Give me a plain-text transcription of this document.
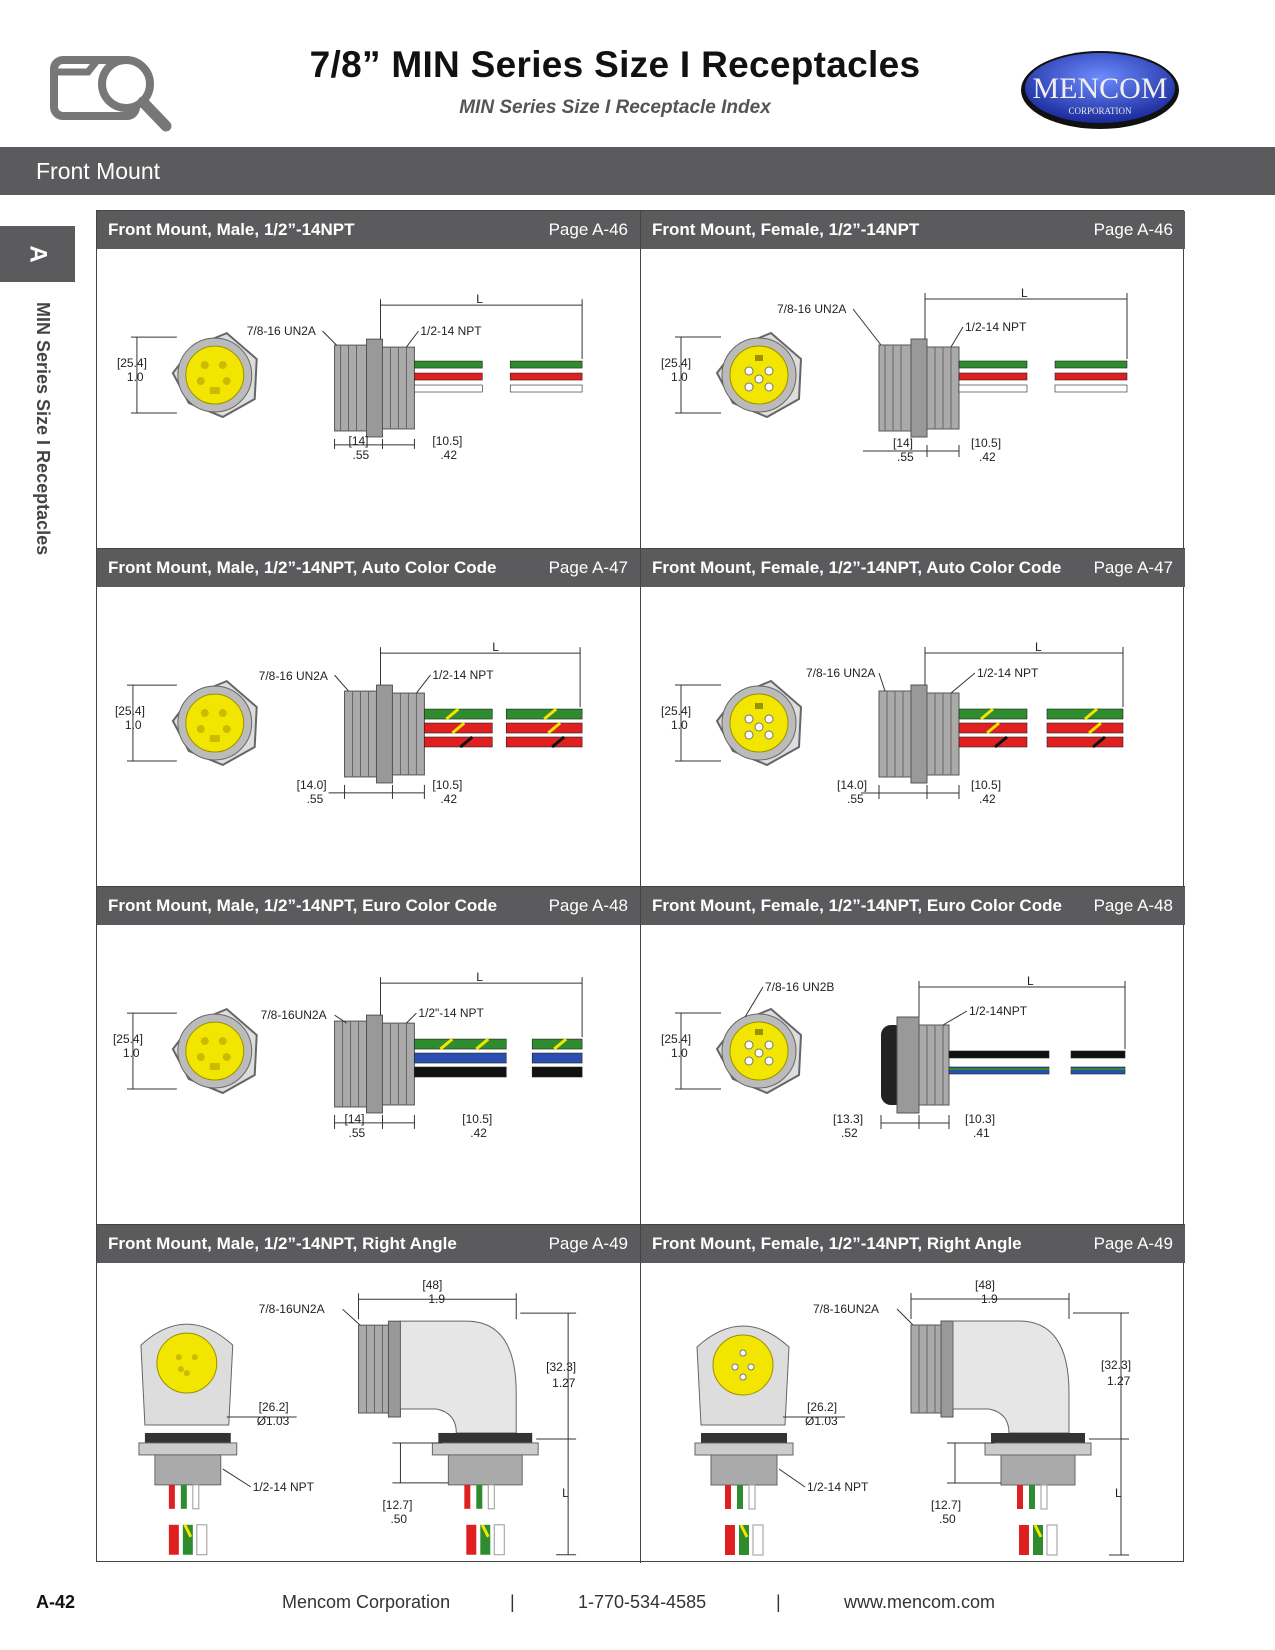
7/8” MIN Series Size I Receptacles
MIN Series Size I Receptacle Index
MENCOM
CORPORATION
Front Mount
A
MIN Series Size I Receptacles
Front Mount, Male, 1/2”-14NPT	Page A-46
[25.4]
1.0
L
7/8-16 UN2A	1/2-14 NPT
[14]
.55
[10.5]
.42
Front Mount, Female, 1/2”-14NPT	Page A-46
[25.4]
1.0
L
7/8-16 UN2A
1/2-14 NPT
[14]
.55
[10.5]
.42
Front Mount, Male, 1/2”-14NPT, Auto Color Code	Page A-47
[25.4]
1.0
L
7/8-16 UN2A	1/2-14 NPT
[14.0]
.55
[10.5]
.42
Front Mount, Female, 1/2”-14NPT, Auto Color Code Page A-47
[25.4]
1.0
L
7/8-16 UN2A	1/2-14 NPT
[14.0]
.55
[10.5]
.42
Front Mount, Male, 1/2”-14NPT, Euro Color Code	Page A-48
[25.4]
1.0
L
7/8-16UN2A	1/2"-14 NPT
[14]
.55
[10.5]
.42
Front Mount, Female, 1/2”-14NPT, Euro Color Code Page A-48
[25.4]
1.0
7/8-16 UN2B	L
1/2-14NPT
[13.3]
.52
[10.3]
.41
Front Mount, Male, 1/2”-14NPT, Right Angle	Page A-49
[26.2]
Ø1.03
1/2-14 NPT
7/8-16UN2A
[48]
1.9
[32.3]
1.27
L
[12.7]
.50
Front Mount, Female, 1/2”-14NPT, Right Angle	Page A-49
[26.2]
Ø1.03
1/2-14 NPT
7/8-16UN2A
[48]
1.9
[32.3]
1.27
L
[12.7]
.50
A-42	Mencom Corporation	|	1-770-534-4585	|	www.mencom.com
